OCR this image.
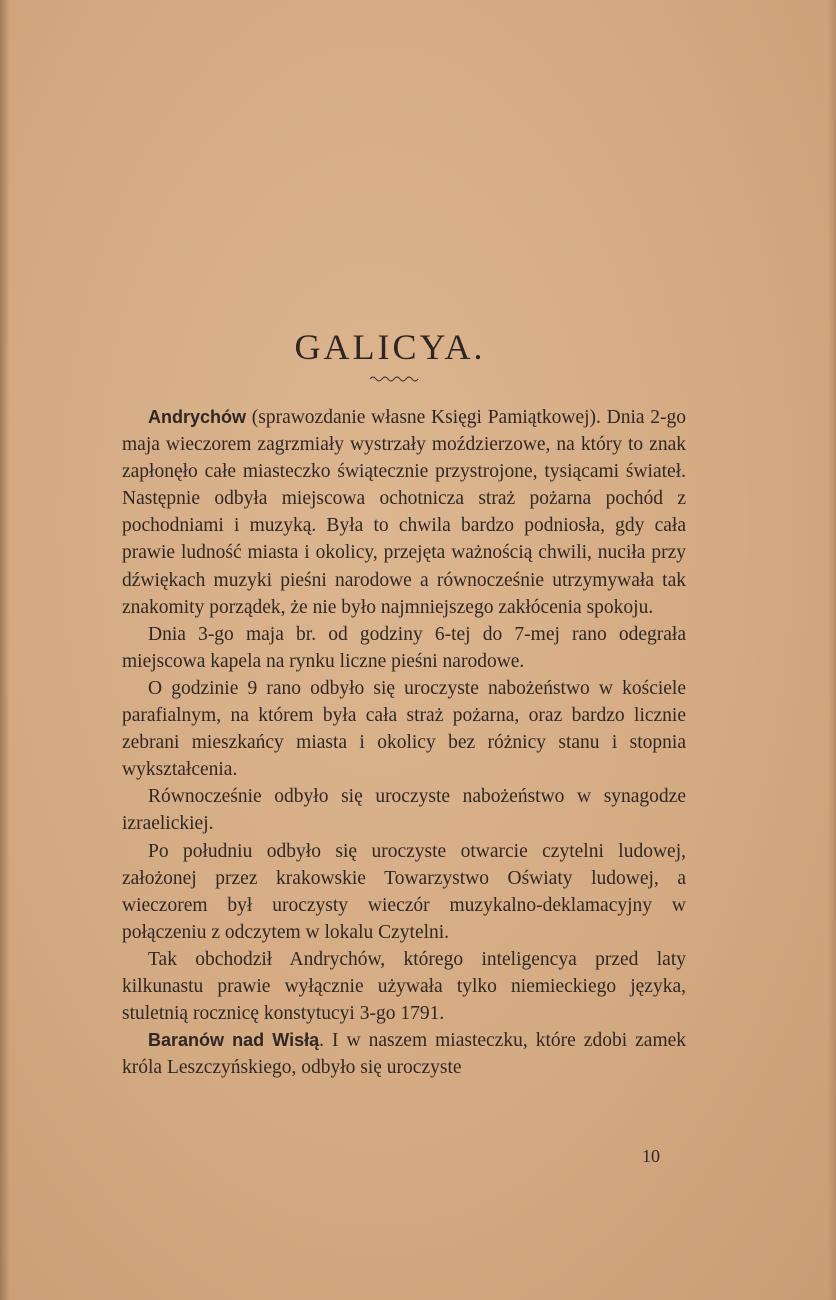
GALICYA.

Andrychów (sprawozdanie własne Księgi Pamiątkowej). Dnia 2-go maja wieczorem zagrzmiały wystrzały moździerzowe, na który to znak zapłonęło całe miasteczko świątecznie przystrojone, tysiącami świateł. Następnie odbyła miejscowa ochotnicza straż pożarna pochód z pochodniami i muzyką. Była to chwila bardzo podniosła, gdy cała prawie ludność miasta i okolicy, przejęta ważnością chwili, nuciła przy dźwiękach muzyki pieśni narodowe a równocześnie utrzymywała tak znakomity porządek, że nie było najmniejszego zakłócenia spokoju.

Dnia 3-go maja br. od godziny 6-tej do 7-mej rano odegrała miejscowa kapela na rynku liczne pieśni narodowe.

O godzinie 9 rano odbyło się uroczyste nabożeństwo w kościele parafialnym, na którem była cała straż pożarna, oraz bardzo licznie zebrani mieszkańcy miasta i okolicy bez różnicy stanu i stopnia wykształcenia.

Równocześnie odbyło się uroczyste nabożeństwo w synagodze izraelickiej.

Po południu odbyło się uroczyste otwarcie czytelni ludowej, założonej przez krakowskie Towarzystwo Oświaty ludowej, a wieczorem był uroczysty wieczór muzykalno-deklamacyjny w połączeniu z odczytem w lokalu Czytelni.

Tak obchodził Andrychów, którego inteligencya przed laty kilkunastu prawie wyłącznie używała tylko niemieckiego języka, stuletnią rocznicę konstytucyi 3-go 1791.

Baranów nad Wisłą. I w naszem miasteczku, które zdobi zamek króla Leszczyńskiego, odbyło się uroczyste

10
